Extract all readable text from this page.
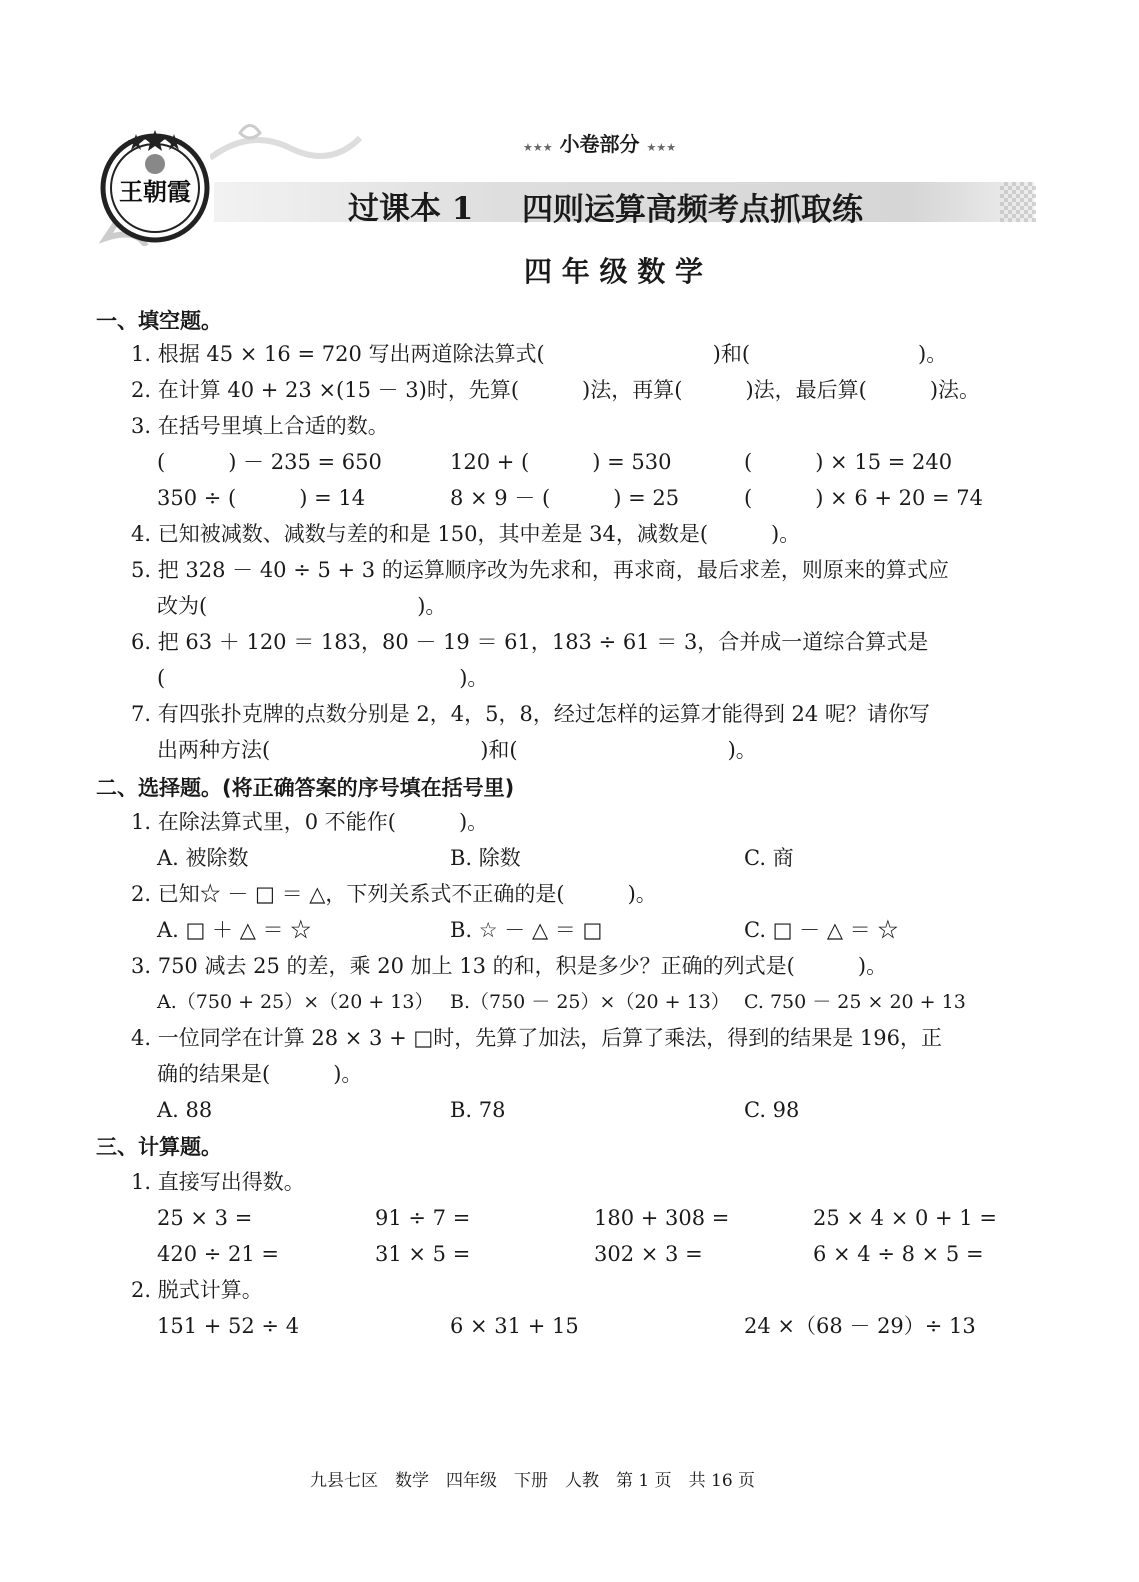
王朝霞
★★★ 小卷部分 ★★★
过课本 1 四则运算高频考点抓取练
四 年 级 数 学
一、填空题。
1. 根据 45 × 16 = 720 写出两道除法算式(　　　　　　　　)和(　　　　　　　　)。
2. 在计算 40 + 23 ×(15 － 3)时，先算(　　　)法，再算(　　　)法，最后算(　　　)法。
3. 在括号里填上合适的数。
(　　　) － 235 = 650	120 + (　　　) = 530	(　　　) × 15 = 240
350 ÷ (　　　) = 14	8 × 9 － (　　　) = 25	(　　　) × 6 + 20 = 74
4. 已知被减数、减数与差的和是 150，其中差是 34，减数是(　　　)。
5. 把 328 － 40 ÷ 5 + 3 的运算顺序改为先求和，再求商，最后求差，则原来的算式应
改为(　　　　　　　　　　)。
6. 把 63 ＋ 120 ＝ 183，80 － 19 ＝ 61，183 ÷ 61 ＝ 3，合并成一道综合算式是
(　　　　　　　　　　　　　　)。
7. 有四张扑克牌的点数分别是 2，4，5，8，经过怎样的运算才能得到 24 呢？请你写
出两种方法(　　　　　　　　　　)和(　　　　　　　　　　)。
二、选择题。(将正确答案的序号填在括号里)
1. 在除法算式里，0 不能作(　　　)。
A. 被除数	B. 除数	C. 商
2. 已知☆ － □ ＝ △，下列关系式不正确的是(　　　)。
A. □ ＋ △ ＝ ☆	B. ☆ － △ ＝ □	C. □ － △ ＝ ☆
3. 750 减去 25 的差，乘 20 加上 13 的和，积是多少？正确的列式是(　　　)。
A.（750 + 25）×（20 + 13） B.（750 － 25）×（20 + 13） C. 750 － 25 × 20 + 13
4. 一位同学在计算 28 × 3 + □时，先算了加法，后算了乘法，得到的结果是 196，正
确的结果是(　　　)。
A. 88	B. 78	C. 98
三、计算题。
1. 直接写出得数。
25 × 3 =	91 ÷ 7 =	180 + 308 =	25 × 4 × 0 + 1 =
420 ÷ 21 =	31 × 5 =	302 × 3 =	6 × 4 ÷ 8 × 5 =
2. 脱式计算。
151 + 52 ÷ 4	6 × 31 + 15	24 ×（68 － 29）÷ 13
九县七区　数学　四年级　下册　人教　第 1 页　共 16 页
